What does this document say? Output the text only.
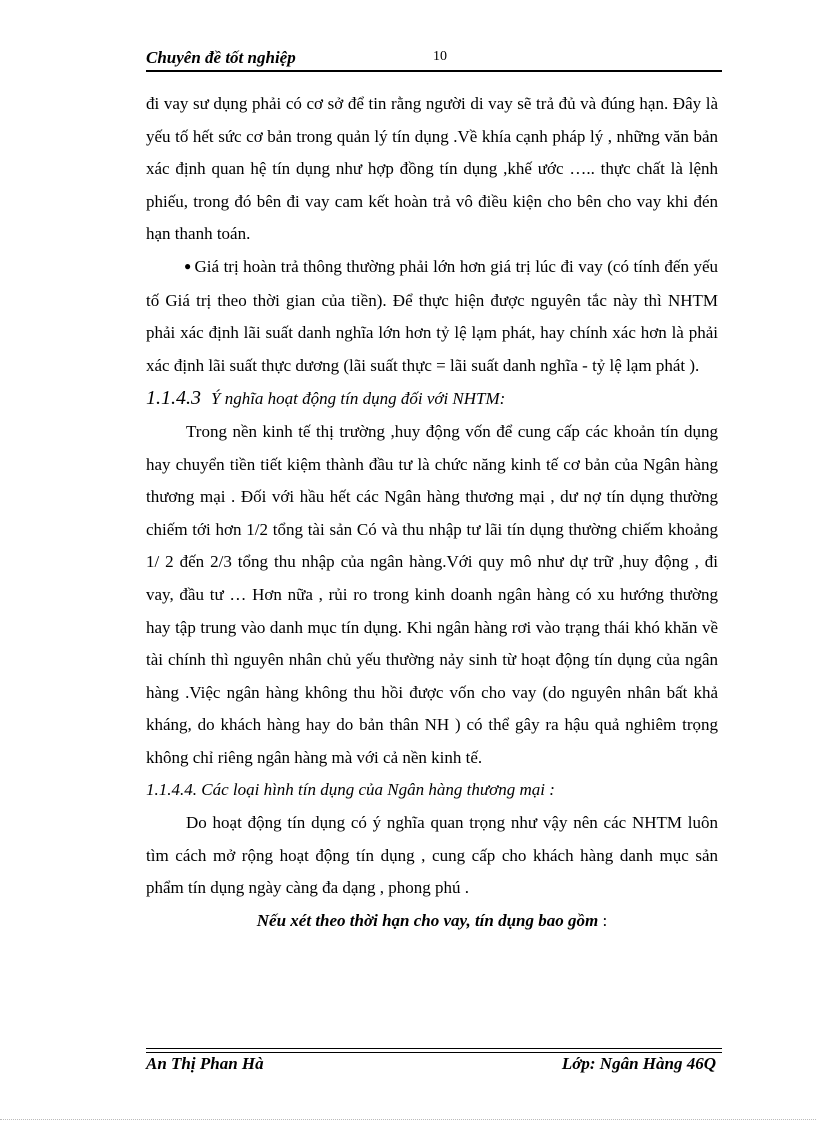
Chuyên đề tốt nghiệp	10

đi vay sư dụng phải có cơ sở để tin rằng người di vay sẽ trả đủ và đúng hạn. Đây là yếu tố hết sức cơ bản trong quản lý tín dụng .Về khía cạnh pháp lý , những văn bản xác định quan hệ tín dụng như hợp đồng tín dụng ,khế ước ….. thực chất là lệnh phiếu, trong đó bên đi vay cam kết hoàn trả vô điều kiện cho bên cho vay khi đén hạn thanh toán.

● Giá trị hoàn trả thông thường phải lớn hơn giá trị lúc đi vay (có tính đến yếu tố Giá trị theo thời gian của tiền). Để thực hiện được nguyên tắc này thì NHTM phải xác định lãi suất danh nghĩa lớn hơn tỷ lệ lạm phát, hay chính xác hơn là phải xác định lãi suất thực dương (lãi suất thực = lãi suất danh nghĩa - tỷ lệ lạm phát ).

1.1.4.3 Ý nghĩa hoạt động tín dụng đối với NHTM:

Trong nền kinh tế thị trường ,huy động vốn để cung cấp các khoản tín dụng hay chuyển tiền tiết kiệm thành đầu tư là chức năng kinh tế cơ bản của Ngân hàng thương mại . Đối với hầu hết các Ngân hàng thương mại , dư nợ tín dụng thường chiếm tới hơn 1/2 tổng tài sản Có và thu nhập tư lãi tín dụng thường chiếm khoảng 1/ 2 đến 2/3 tổng thu nhập của ngân hàng.Với quy mô như dự trữ ,huy động , đi vay, đầu tư … Hơn nữa , rủi ro trong kinh doanh ngân hàng có xu hướng thường hay tập trung vào danh mục tín dụng. Khi ngân hàng rơi vào trạng thái khó khăn về tài chính thì nguyên nhân chủ yếu thường nảy sinh từ hoạt động tín dụng của ngân hàng .Việc ngân hàng không thu hồi được vốn cho vay (do nguyên nhân bất khả kháng, do khách hàng hay do bản thân NH ) có thể gây ra hậu quả nghiêm trọng không chỉ riêng ngân hàng mà với cả nền kinh tế.

1.1.4.4. Các loại hình tín dụng của Ngân hàng thương mại :

Do hoạt động tín dụng có ý nghĩa quan trọng như vậy nên các NHTM luôn tìm cách mở rộng hoạt động tín dụng , cung cấp cho khách hàng danh mục sản phẩm tín dụng ngày càng đa dạng , phong phú .

Nếu xét theo thời hạn cho vay, tín dụng bao gồm :
An Thị Phan Hà	Lớp: Ngân Hàng 46Q
